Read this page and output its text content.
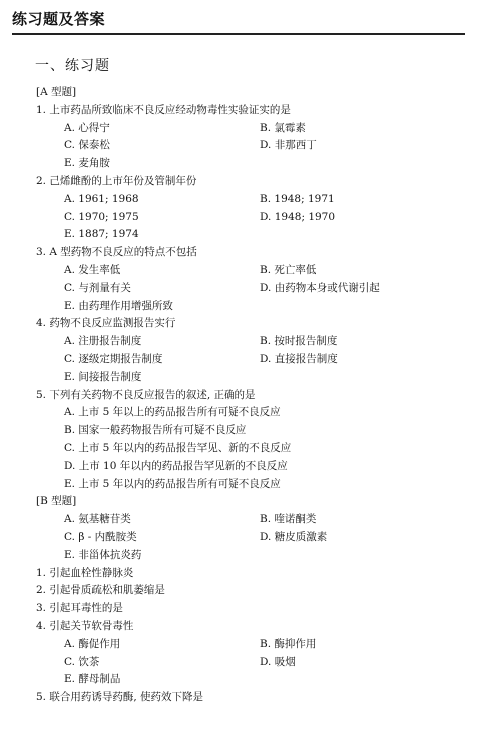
练习题及答案
一、练习题
[A 型题]
1. 上市药品所致临床不良反应经动物毒性实验证实的是
A. 心得宁	B. 氯霉素
C. 保泰松	D. 非那西丁
E. 麦角胺
2. 己烯雌酚的上市年份及管制年份
A. 1961; 1968	B. 1948; 1971
C. 1970; 1975	D. 1948; 1970
E. 1887; 1974
3. A 型药物不良反应的特点不包括
A. 发生率低	B. 死亡率低
C. 与剂量有关	D. 由药物本身或代谢引起
E. 由药理作用增强所致
4. 药物不良反应监测报告实行
A. 注册报告制度	B. 按时报告制度
C. 逐级定期报告制度	D. 直接报告制度
E. 间接报告制度
5. 下列有关药物不良反应报告的叙述, 正确的是
A. 上市 5 年以上的药品报告所有可疑不良反应
B. 国家一般药物报告所有可疑不良反应
C. 上市 5 年以内的药品报告罕见、新的不良反应
D. 上市 10 年以内的药品报告罕见新的不良反应
E. 上市 5 年以内的药品报告所有可疑不良反应
[B 型题]
A. 氨基糖苷类	B. 喹诺酮类
C. β - 内酰胺类	D. 糖皮质激素
E. 非甾体抗炎药
1. 引起血栓性静脉炎
2. 引起骨质疏松和肌萎缩是
3. 引起耳毒性的是
4. 引起关节软骨毒性
A. 酶促作用	B. 酶抑作用
C. 饮茶	D. 吸烟
E. 酵母制品
5. 联合用药诱导药酶, 使药效下降是
